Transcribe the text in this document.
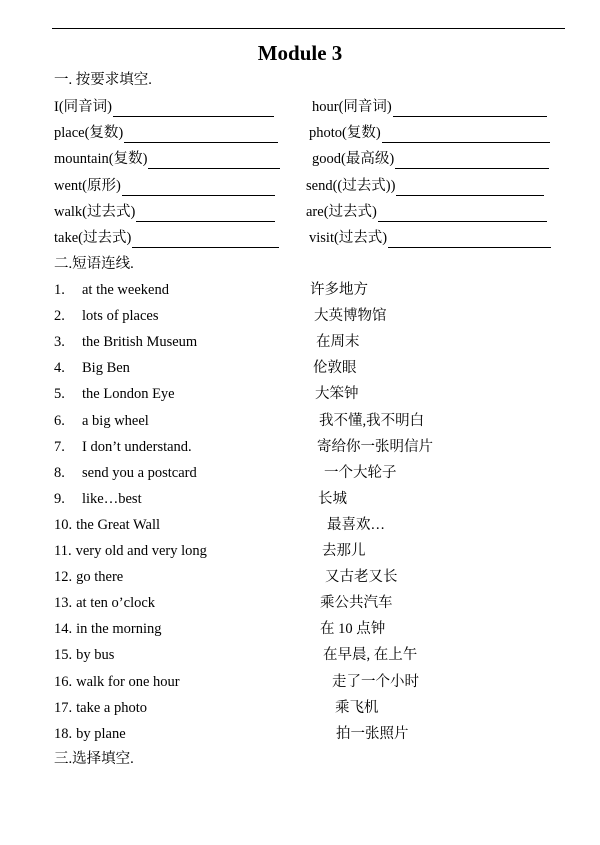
Module 3
一. 按要求填空.
I(同音词)	hour(同音词)
place(复数)	photo(复数)
mountain(复数)	good(最高级)
went(原形)	send((过去式))
walk(过去式)	are(过去式)
take(过去式)	visit(过去式)
二.短语连线.
1. at the weekend	许多地方
2. lots of places	大英博物馆
3. the British Museum	在周末
4. Big Ben	伦敦眼
5. the London Eye	大笨钟
6. a big wheel	我不懂,我不明白
7. I don’t understand.	寄给你一张明信片
8. send you a postcard	一个大轮子
9. like…best	长城
10. the Great Wall	最喜欢…
11. very old and very long	去那儿
12. go there	又古老又长
13. at ten o’clock	乘公共汽车
14. in the morning	在 10 点钟
15. by bus	在早晨, 在上午
16. walk for one hour	走了一个小时
17. take a photo	乘飞机
18. by plane	拍一张照片
三.选择填空.
